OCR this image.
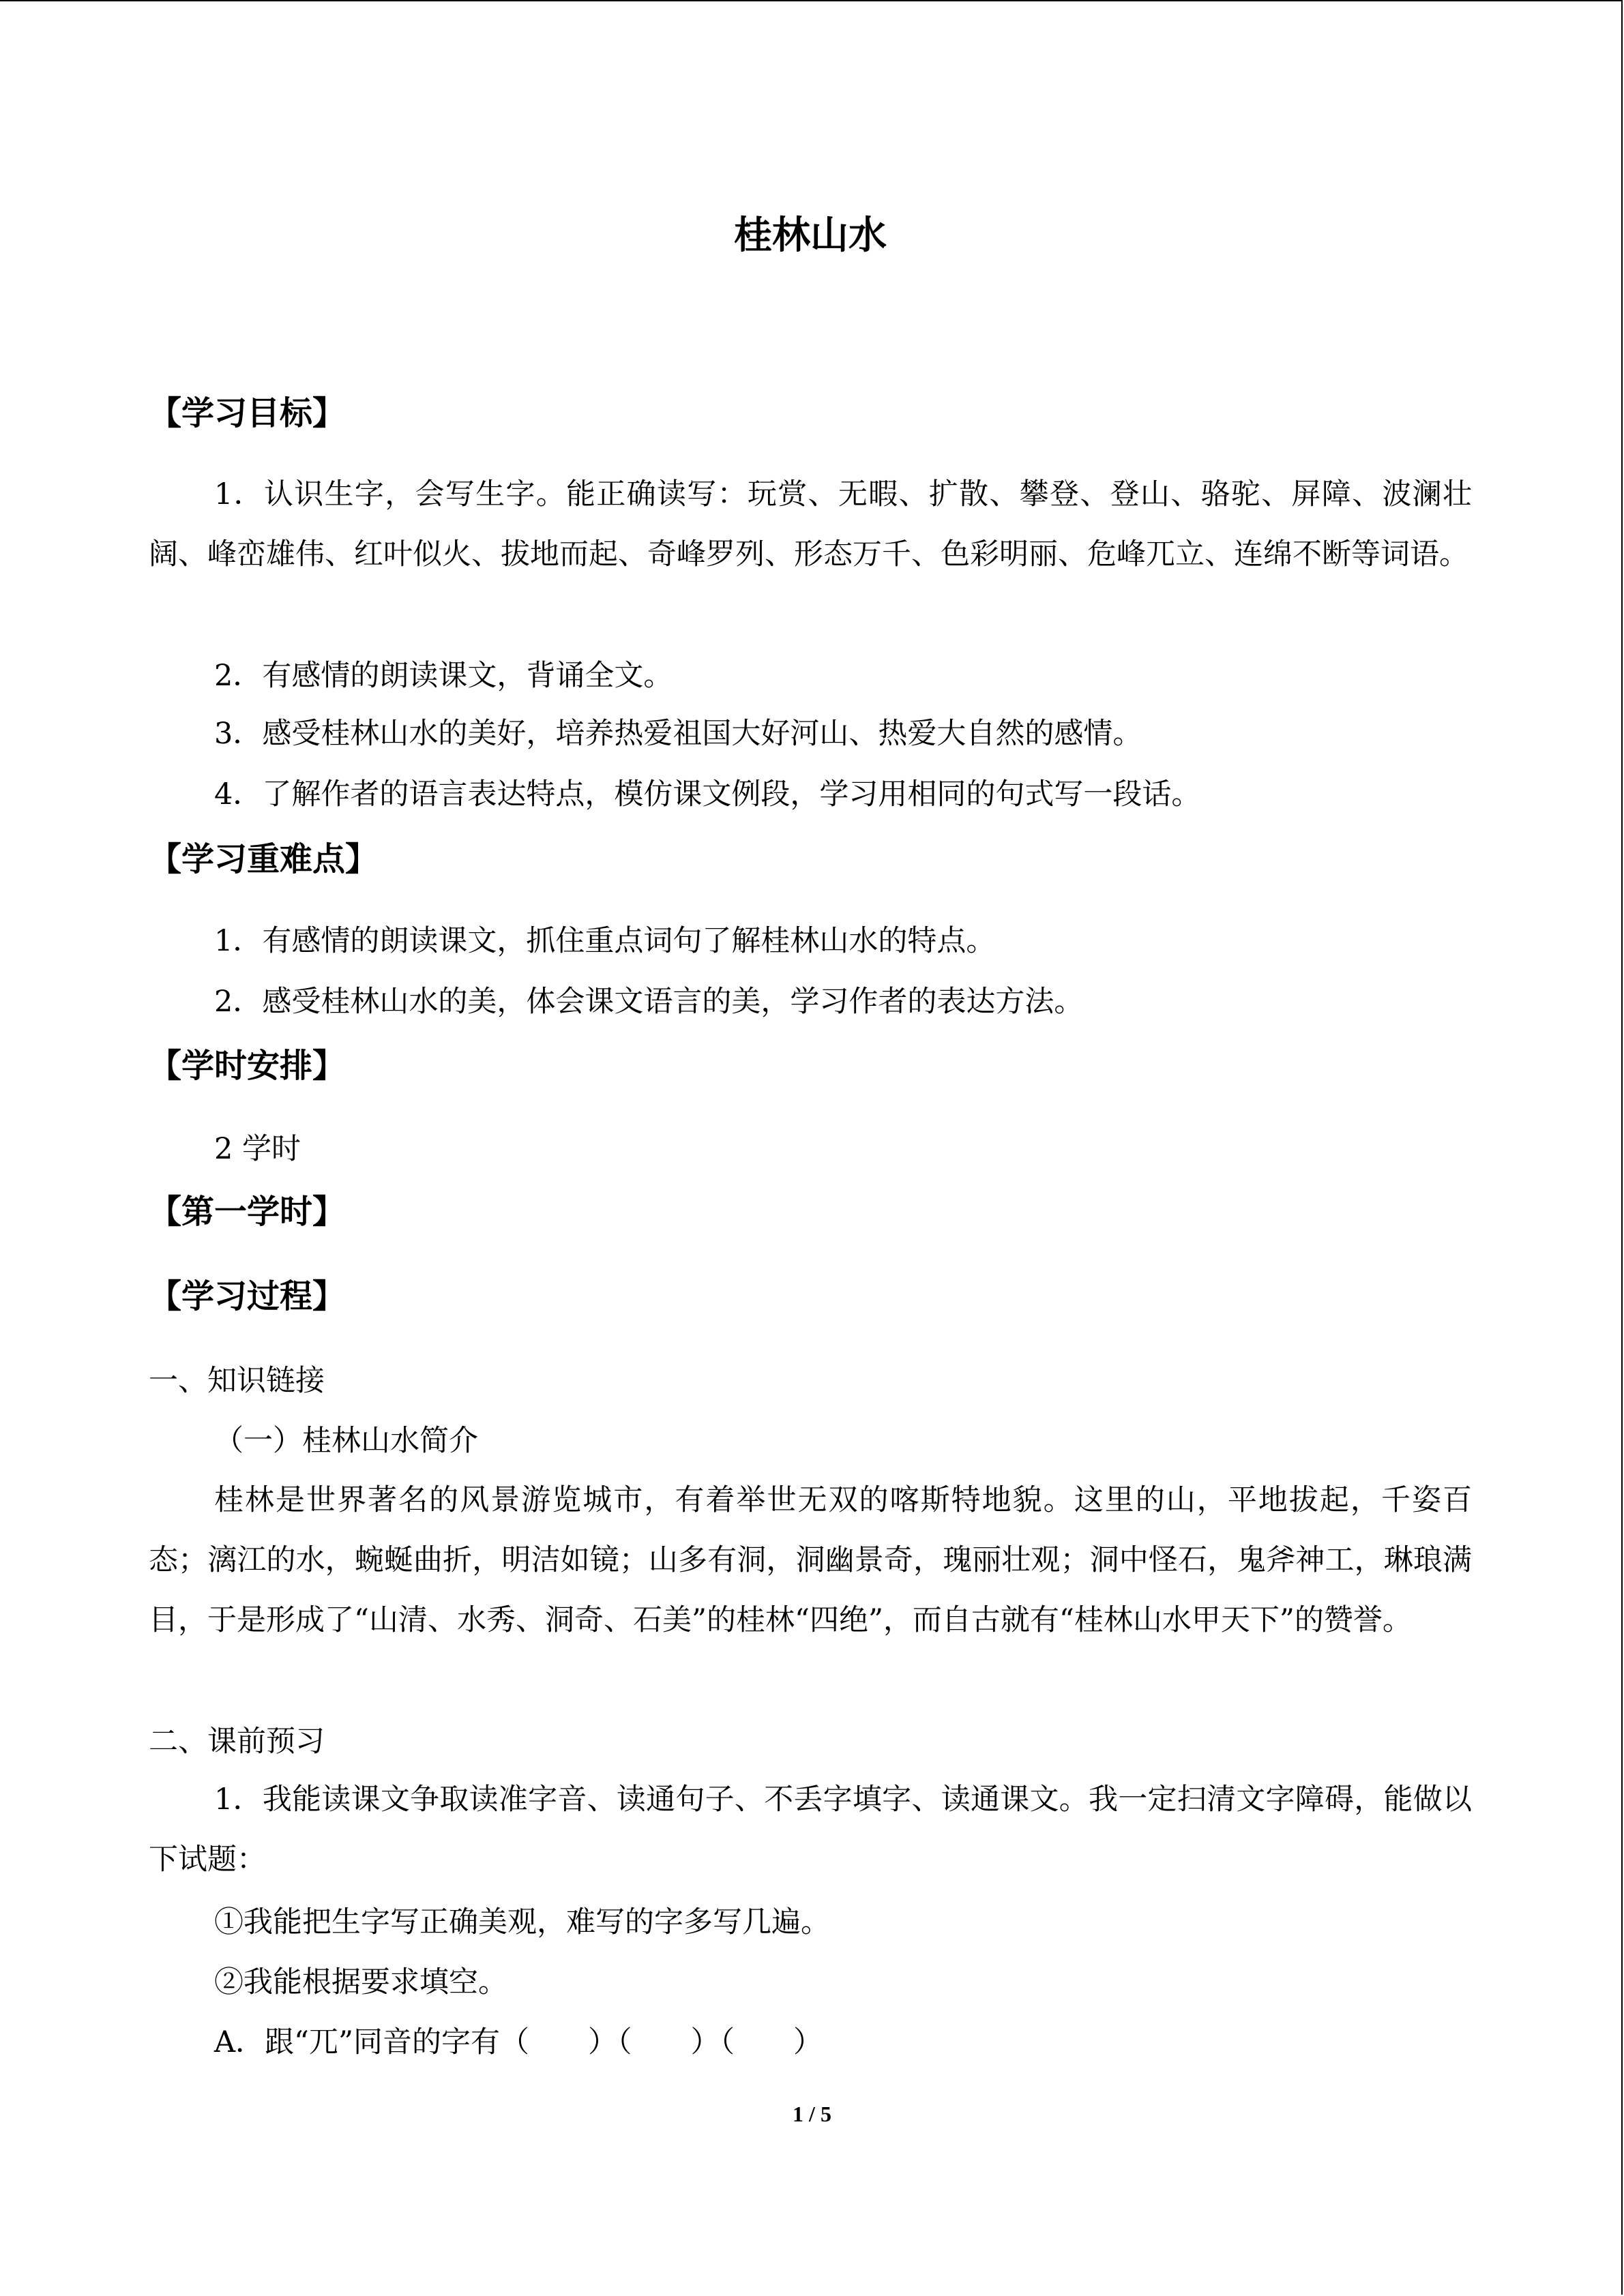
桂林山水
【学习目标】

1．认识生字，会写生字。能正确读写：玩赏、无暇、扩散、攀登、登山、骆驼、屏障、波澜壮阔、峰峦雄伟、红叶似火、拔地而起、奇峰罗列、形态万千、色彩明丽、危峰兀立、连绵不断等词语。

2．有感情的朗读课文，背诵全文。
3．感受桂林山水的美好，培养热爱祖国大好河山、热爱大自然的感情。
4．了解作者的语言表达特点，模仿课文例段，学习用相同的句式写一段话。
【学习重难点】
1．有感情的朗读课文，抓住重点词句了解桂林山水的特点。
2．感受桂林山水的美，体会课文语言的美，学习作者的表达方法。
【学时安排】
2 学时
【第一学时】
【学习过程】
一、知识链接
（一）桂林山水简介

桂林是世界著名的风景游览城市，有着举世无双的喀斯特地貌。这里的山，平地拔起，千姿百态；漓江的水，蜿蜒曲折，明洁如镜；山多有洞，洞幽景奇，瑰丽壮观；洞中怪石，鬼斧神工，琳琅满目，于是形成了“山清、水秀、洞奇、石美”的桂林“四绝”，而自古就有“桂林山水甲天下”的赞誉。

二、课前预习

1．我能读课文争取读准字音、读通句子、不丢字填字、读通课文。我一定扫清文字障碍，能做以下试题：

①我能把生字写正确美观，难写的字多写几遍。
②我能根据要求填空。
A．跟“兀”同音的字有（　　）（　　）（　　）
1 / 5
